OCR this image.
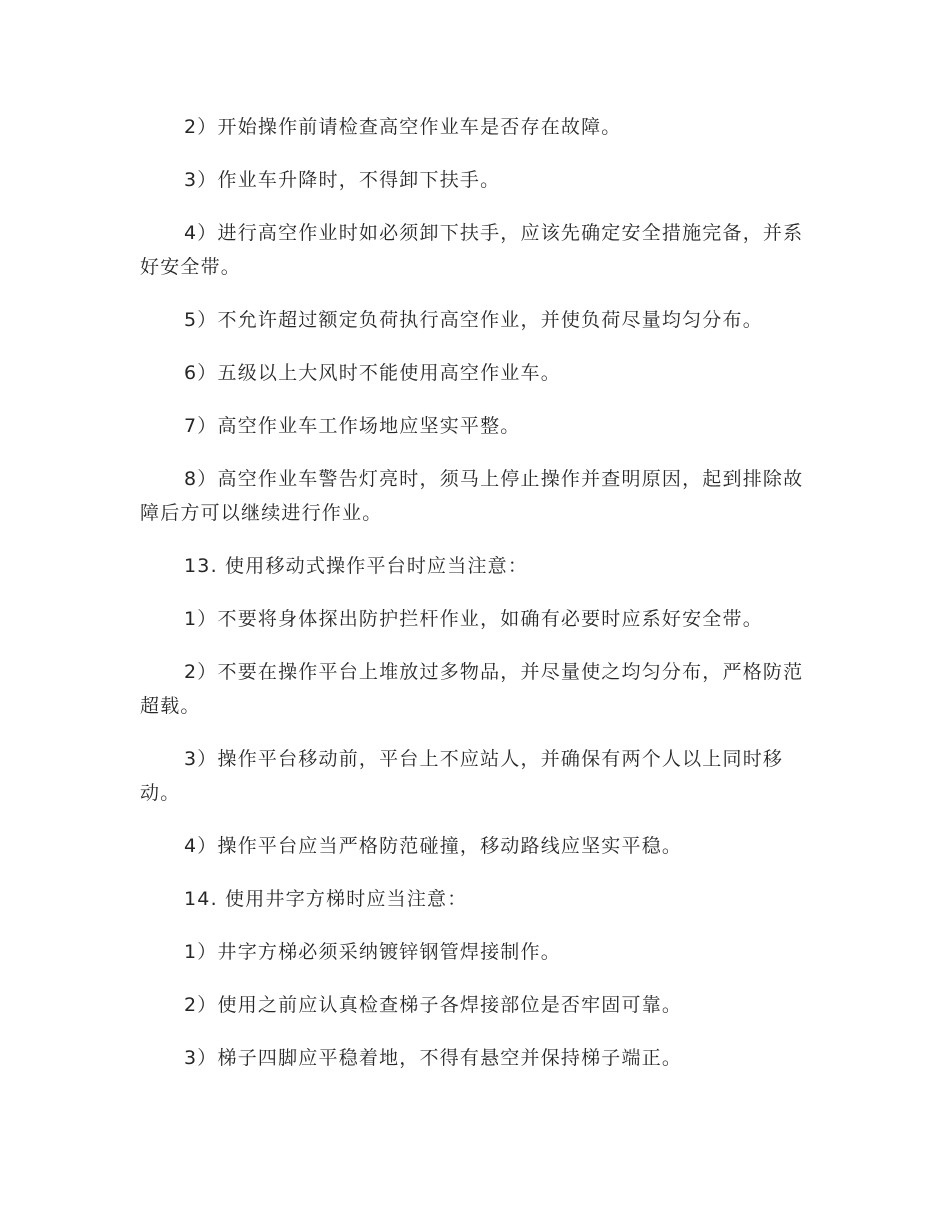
2）开始操作前请检查高空作业车是否存在故障。

3）作业车升降时，不得卸下扶手。

4）进行高空作业时如必须卸下扶手，应该先确定安全措施完备，并系好安全带。

5）不允许超过额定负荷执行高空作业，并使负荷尽量均匀分布。

6）五级以上大风时不能使用高空作业车。

7）高空作业车工作场地应坚实平整。

8）高空作业车警告灯亮时，须马上停止操作并查明原因，起到排除故障后方可以继续进行作业。

13. 使用移动式操作平台时应当注意：

1）不要将身体探出防护拦杆作业，如确有必要时应系好安全带。

2）不要在操作平台上堆放过多物品，并尽量使之均匀分布，严格防范超载。

3）操作平台移动前，平台上不应站人，并确保有两个人以上同时移动。

4）操作平台应当严格防范碰撞，移动路线应坚实平稳。

14. 使用井字方梯时应当注意：

1）井字方梯必须采纳镀锌钢管焊接制作。

2）使用之前应认真检查梯子各焊接部位是否牢固可靠。

3）梯子四脚应平稳着地，不得有悬空并保持梯子端正。
